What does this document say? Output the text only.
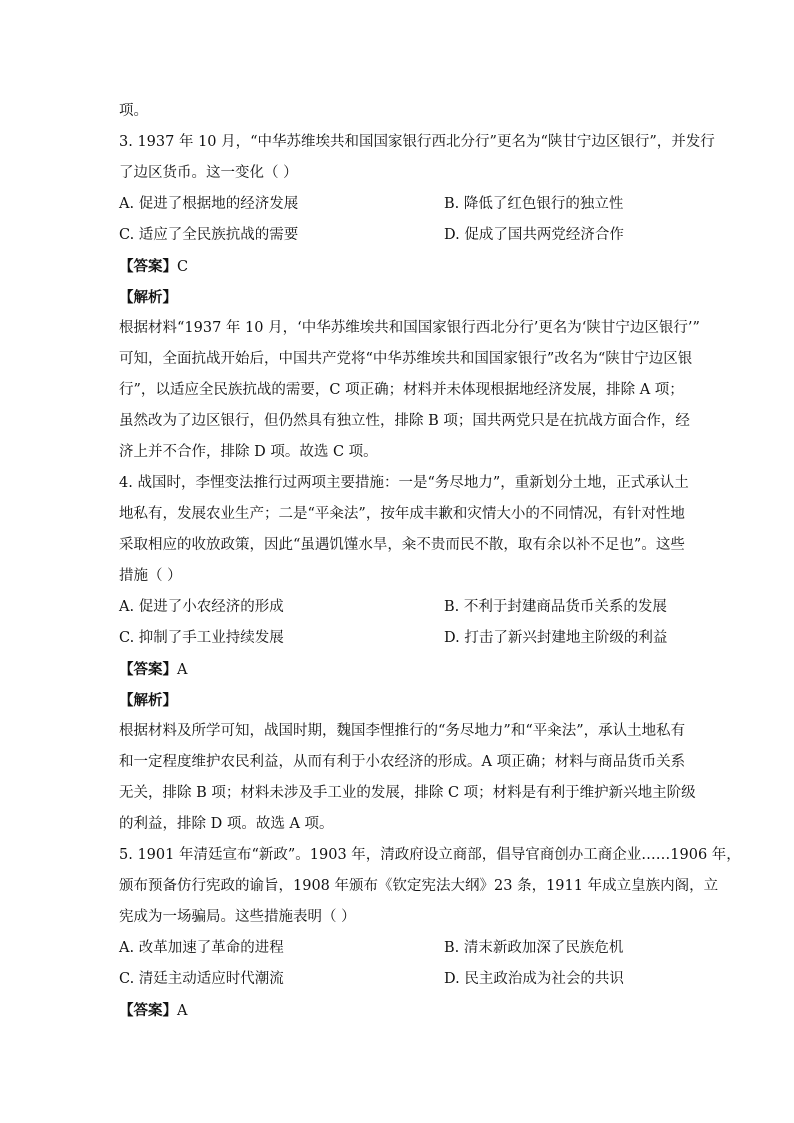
项。
3. 1937 年 10 月，“中华苏维埃共和国国家银行西北分行”更名为“陕甘宁边区银行”，并发行
了边区货币。这一变化（ ）
A. 促进了根据地的经济发展	B. 降低了红色银行的独立性
C. 适应了全民族抗战的需要	D. 促成了国共两党经济合作
【答案】C
【解析】
根据材料“1937 年 10 月，‘中华苏维埃共和国国家银行西北分行’更名为‘陕甘宁边区银行’”
可知，全面抗战开始后，中国共产党将“中华苏维埃共和国国家银行”改名为“陕甘宁边区银
行”，以适应全民族抗战的需要，C 项正确；材料并未体现根据地经济发展，排除 A 项；
虽然改为了边区银行，但仍然具有独立性，排除 B 项；国共两党只是在抗战方面合作，经
济上并不合作，排除 D 项。故选 C 项。
4. 战国时，李悝变法推行过两项主要措施：一是“务尽地力”，重新划分土地，正式承认土
地私有，发展农业生产；二是“平籴法”，按年成丰歉和灾情大小的不同情况，有针对性地
采取相应的收放政策，因此“虽遇饥馑水旱，籴不贵而民不散，取有余以补不足也”。这些
措施（ ）
A. 促进了小农经济的形成	B. 不利于封建商品货币关系的发展
C. 抑制了手工业持续发展	D. 打击了新兴封建地主阶级的利益
【答案】A
【解析】
根据材料及所学可知，战国时期，魏国李悝推行的“务尽地力”和“平籴法”，承认土地私有
和一定程度维护农民利益，从而有利于小农经济的形成。A 项正确；材料与商品货币关系
无关，排除 B 项；材料未涉及手工业的发展，排除 C 项；材料是有利于维护新兴地主阶级
的利益，排除 D 项。故选 A 项。
5. 1901 年清廷宣布“新政”。1903 年，清政府设立商部，倡导官商创办工商企业……1906 年，
颁布预备仿行宪政的谕旨，1908 年颁布《钦定宪法大纲》23 条，1911 年成立皇族内阁，立
宪成为一场骗局。这些措施表明（ ）
A. 改革加速了革命的进程	B. 清末新政加深了民族危机
C. 清廷主动适应时代潮流	D. 民主政治成为社会的共识
【答案】A
